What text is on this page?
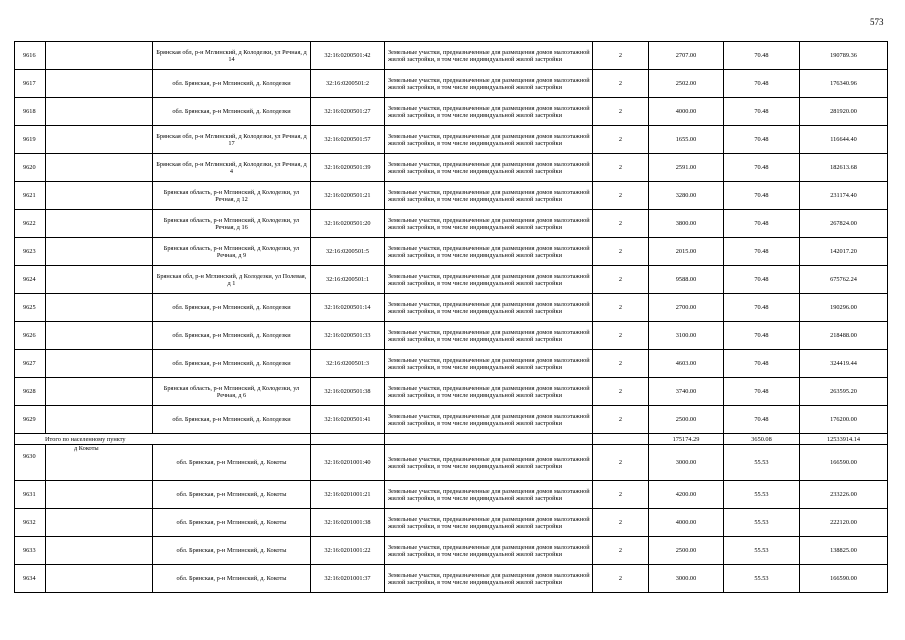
573
9616		Брянская обл, р-н Мглинский, д Колодезки, ул Речная, д 14	32:16:0200501:42	Земельные участки, предназначенные для размещения домов малоэтажной жилой застройки, в том числе индивидуальной жилой застройки	2	2707.00	70.48	190789.36
9617		обл. Брянская, р-н Мглинский, д. Колодезки	32:16:0200501:2	Земельные участки, предназначенные для размещения домов малоэтажной жилой застройки, в том числе индивидуальной жилой застройки	2	2502.00	70.48	176340.96
9618		обл. Брянская, р-н Мглинский, д. Колодезки	32:16:0200501:27	Земельные участки, предназначенные для размещения домов малоэтажной жилой застройки, в том числе индивидуальной жилой застройки	2	4000.00	70.48	281920.00
9619		Брянская обл, р-н Мглинский, д Колодезки, ул Речная, д 17	32:16:0200501:57	Земельные участки, предназначенные для размещения домов малоэтажной жилой застройки, в том числе индивидуальной жилой застройки	2	1655.00	70.48	116644.40
9620		Брянская обл, р-н Мглинский, д Колодезки, ул Речная, д 4	32:16:0200501:39	Земельные участки, предназначенные для размещения домов малоэтажной жилой застройки, в том числе индивидуальной жилой застройки	2	2591.00	70.48	182613.68
9621		Брянская область, р-н Мглинский, д Колодезки, ул Речная, д 12	32:16:0200501:21	Земельные участки, предназначенные для размещения домов малоэтажной жилой застройки, в том числе индивидуальной жилой застройки	2	3280.00	70.48	231174.40
9622		Брянская область, р-н Мглинский, д Колодезки, ул Речная, д 16	32:16:0200501:20	Земельные участки, предназначенные для размещения домов малоэтажной жилой застройки, в том числе индивидуальной жилой застройки	2	3800.00	70.48	267824.00
9623		Брянская область, р-н Мглинский, д Колодезки, ул Речная, д 9	32:16:0200501:5	Земельные участки, предназначенные для размещения домов малоэтажной жилой застройки, в том числе индивидуальной жилой застройки	2	2015.00	70.48	142017.20
9624		Брянская обл, р-н Мглинский, д Колодезки, ул Полевая, д 1	32:16:0200501:1	Земельные участки, предназначенные для размещения домов малоэтажной жилой застройки, в том числе индивидуальной жилой застройки	2	9588.00	70.48	675762.24
9625		обл. Брянская, р-н Мглинский, д. Колодезки	32:16:0200501:14	Земельные участки, предназначенные для размещения домов малоэтажной жилой застройки, в том числе индивидуальной жилой застройки	2	2700.00	70.48	190296.00
9626		обл. Брянская, р-н Мглинский, д. Колодезки	32:16:0200501:33	Земельные участки, предназначенные для размещения домов малоэтажной жилой застройки, в том числе индивидуальной жилой застройки	2	3100.00	70.48	218488.00
9627		обл. Брянская, р-н Мглинский, д. Колодезки	32:16:0200501:3	Земельные участки, предназначенные для размещения домов малоэтажной жилой застройки, в том числе индивидуальной жилой застройки	2	4603.00	70.48	324419.44
9628		Брянская область, р-н Мглинский, д Колодезки, ул Речная, д 6	32:16:0200501:38	Земельные участки, предназначенные для размещения домов малоэтажной жилой застройки, в том числе индивидуальной жилой застройки	2	3740.00	70.48	263595.20
9629		обл. Брянская, р-н Мглинский, д. Колодезки	32:16:0200501:41	Земельные участки, предназначенные для размещения домов малоэтажной жилой застройки, в том числе индивидуальной жилой застройки	2	2500.00	70.48	176200.00
Итого по населенному пункту						175174.29	3650.08	12533914.14
9630	д Кокоты	обл. Брянская, р-н Мглинский, д. Кокоты	32:16:0201001:40	Земельные участки, предназначенные для размещения домов малоэтажной жилой застройки, в том числе индивидуальной жилой застройки	2	3000.00	55.53	166590.00
9631		обл. Брянская, р-н Мглинский, д. Кокоты	32:16:0201001:21	Земельные участки, предназначенные для размещения домов малоэтажной жилой застройки, в том числе индивидуальной жилой застройки	2	4200.00	55.53	233226.00
9632		обл. Брянская, р-н Мглинский, д. Кокоты	32:16:0201001:38	Земельные участки, предназначенные для размещения домов малоэтажной жилой застройки, в том числе индивидуальной жилой застройки	2	4000.00	55.53	222120.00
9633		обл. Брянская, р-н Мглинский, д. Кокоты	32:16:0201001:22	Земельные участки, предназначенные для размещения домов малоэтажной жилой застройки, в том числе индивидуальной жилой застройки	2	2500.00	55.53	138825.00
9634		обл. Брянская, р-н Мглинский, д. Кокоты	32:16:0201001:37	Земельные участки, предназначенные для размещения домов малоэтажной жилой застройки, в том числе индивидуальной жилой застройки	2	3000.00	55.53	166590.00
